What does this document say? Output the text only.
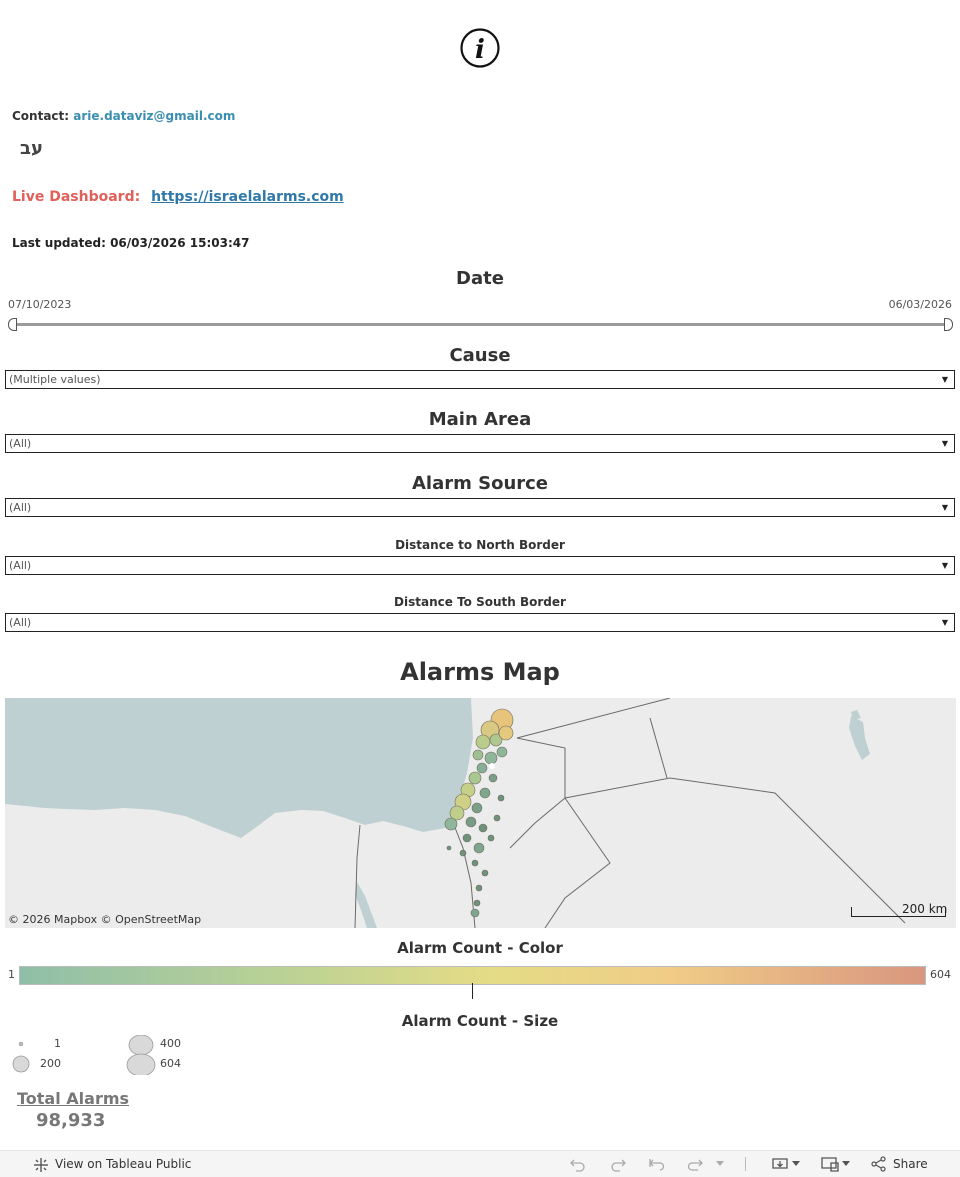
i
Contact: arie.dataviz@gmail.com
עב
Live Dashboard: https://israelalarms.com
Last updated: 06/03/2026 15:03:47
Date
07/10/2023	06/03/2026
Cause
(Multiple values)	▼
Main Area
(All)	▼
Alarm Source
(All)	▼
Distance to North Border
(All)	▼
Distance To South Border
(All)	▼
Alarms Map
© 2026 Mapbox © OpenStreetMap
200 km
Alarm Count - Color
1	604
Alarm Count - Size
1
200
400
604
Total Alarms
98,933
View on Tableau Public	Share
